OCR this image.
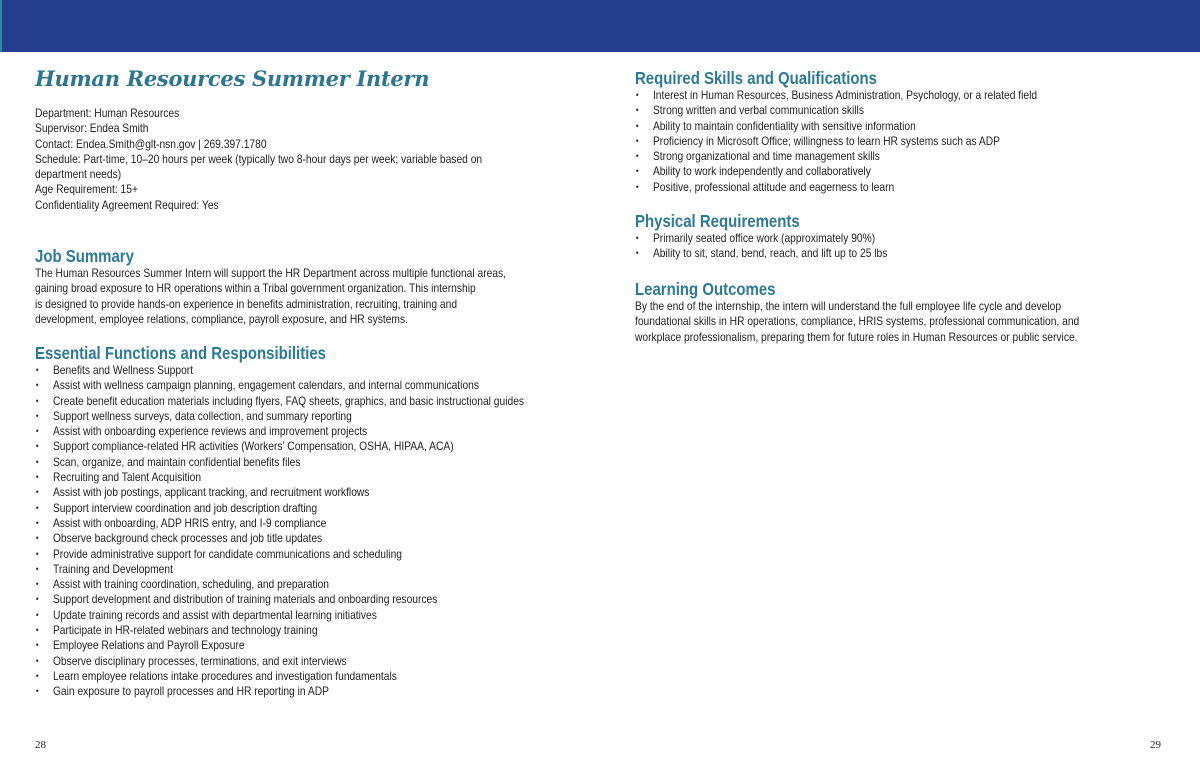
Human Resources Summer Intern
Department: Human Resources
Supervisor: Endea Smith
Contact: Endea.Smith@glt-nsn.gov | 269.397.1780
Schedule: Part-time, 10–20 hours per week (typically two 8-hour days per week; variable based on
department needs)
Age Requirement: 15+
Confidentiality Agreement Required: Yes
Job Summary
The Human Resources Summer Intern will support the HR Department across multiple functional areas,
gaining broad exposure to HR operations within a Tribal government organization. This internship
is designed to provide hands-on experience in benefits administration, recruiting, training and
development, employee relations, compliance, payroll exposure, and HR systems.
Essential Functions and Responsibilities
• Benefits and Wellness Support
• Assist with wellness campaign planning, engagement calendars, and internal communications
• Create benefit education materials including flyers, FAQ sheets, graphics, and basic instructional guides
• Support wellness surveys, data collection, and summary reporting
• Assist with onboarding experience reviews and improvement projects
• Support compliance-related HR activities (Workers’ Compensation, OSHA, HIPAA, ACA)
• Scan, organize, and maintain confidential benefits files
• Recruiting and Talent Acquisition
• Assist with job postings, applicant tracking, and recruitment workflows
• Support interview coordination and job description drafting
• Assist with onboarding, ADP HRIS entry, and I-9 compliance
• Observe background check processes and job title updates
• Provide administrative support for candidate communications and scheduling
• Training and Development
• Assist with training coordination, scheduling, and preparation
• Support development and distribution of training materials and onboarding resources
• Update training records and assist with departmental learning initiatives
• Participate in HR-related webinars and technology training
• Employee Relations and Payroll Exposure
• Observe disciplinary processes, terminations, and exit interviews
• Learn employee relations intake procedures and investigation fundamentals
• Gain exposure to payroll processes and HR reporting in ADP
Required Skills and Qualifications
• Interest in Human Resources, Business Administration, Psychology, or a related field
• Strong written and verbal communication skills
• Ability to maintain confidentiality with sensitive information
• Proficiency in Microsoft Office; willingness to learn HR systems such as ADP
• Strong organizational and time management skills
• Ability to work independently and collaboratively
• Positive, professional attitude and eagerness to learn
Physical Requirements
• Primarily seated office work (approximately 90%)
• Ability to sit, stand, bend, reach, and lift up to 25 lbs
Learning Outcomes
By the end of the internship, the intern will understand the full employee life cycle and develop
foundational skills in HR operations, compliance, HRIS systems, professional communication, and
workplace professionalism, preparing them for future roles in Human Resources or public service.
28	29
